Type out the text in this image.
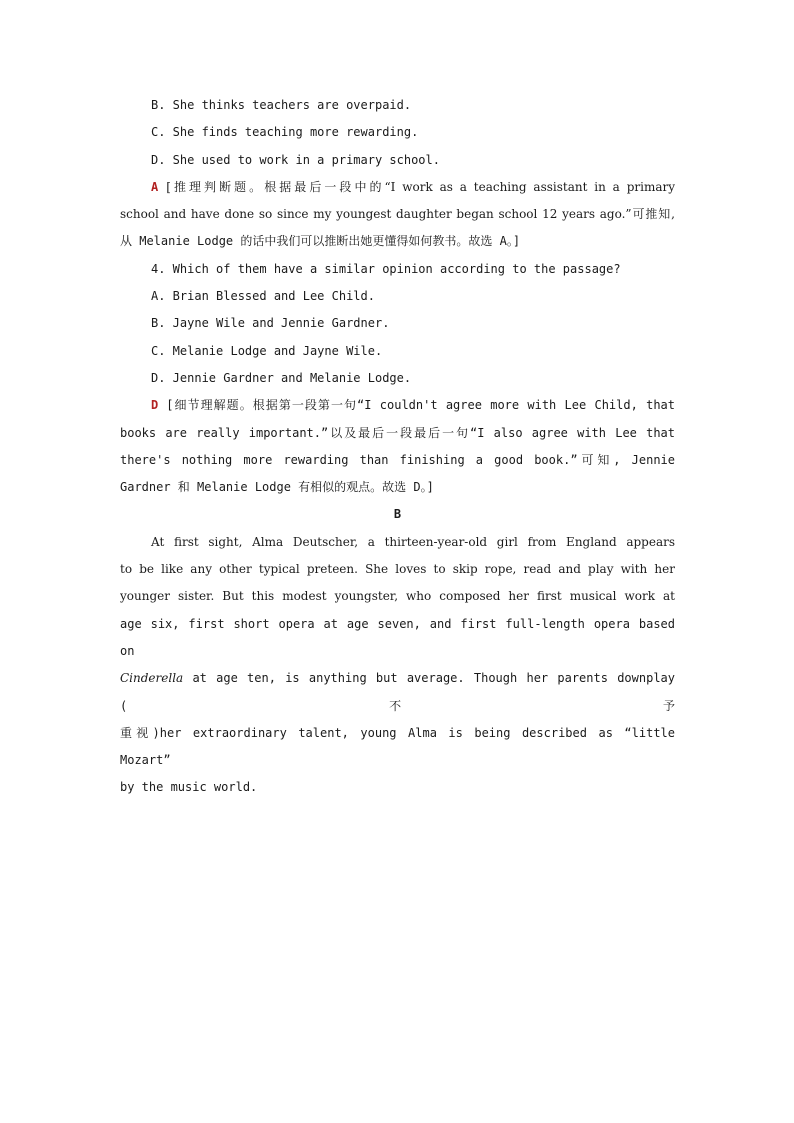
B. She thinks teachers are overpaid.
C. She finds teaching more rewarding.
D. She used to work in a primary school.
A [推理判断题。根据最后一段中的“I work as a teaching assistant in a primary
school and have done so since my youngest daughter began school 12 years ago.”可推知,
从 Melanie Lodge 的话中我们可以推断出她更懂得如何教书。故选 A。]
4. Which of them have a similar opinion according to the passage?
A. Brian Blessed and Lee Child.
B. Jayne Wile and Jennie Gardner.
C. Melanie Lodge and Jayne Wile.
D. Jennie Gardner and Melanie Lodge.
D [细节理解题。根据第一段第一句“I couldn't agree more with Lee Child, that
books are really important.”以及最后一段最后一句“I also agree with Lee that
there's nothing more rewarding than finishing a good book.”可知, Jennie
Gardner 和 Melanie Lodge 有相似的观点。故选 D。]
B
At first sight, Alma Deutscher, a thirteen-year-old girl from England appears
to be like any other typical preteen. She loves to skip rope, read and play with her
younger sister. But this modest youngster, who composed her first musical work at
age six, first short opera at age seven, and first full-length opera based on
Cinderella at age ten, is anything but average. Though her parents downplay (不予
重视)her extraordinary talent, young Alma is being described as “little Mozart”
by the music world.
